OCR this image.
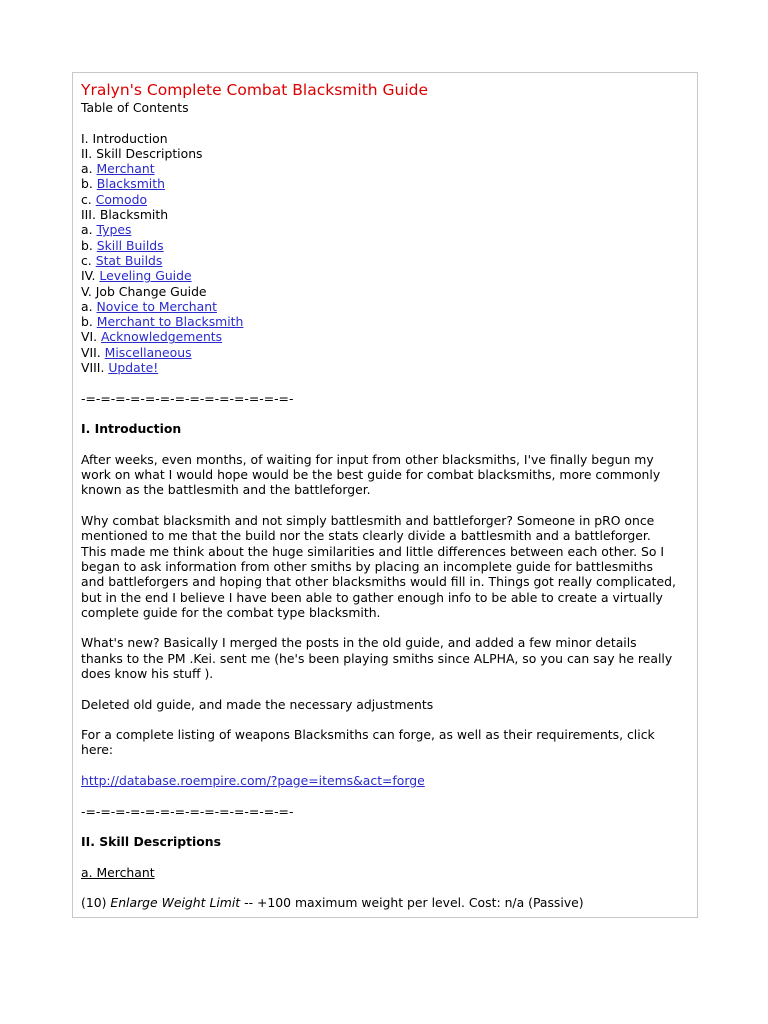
Yralyn's Complete Combat Blacksmith Guide
Table of Contents
I. Introduction
II. Skill Descriptions
a. Merchant
b. Blacksmith
c. Comodo
III. Blacksmith
a. Types
b. Skill Builds
c. Stat Builds
IV. Leveling Guide
V. Job Change Guide
a. Novice to Merchant
b. Merchant to Blacksmith
VI. Acknowledgements
VII. Miscellaneous
VIII. Update!
-=-=-=-=-=-=-=-=-=-=-=-=-=-=-
I. Introduction

After weeks, even months, of waiting for input from other blacksmiths, I've finally begun my
work on what I would hope would be the best guide for combat blacksmiths, more commonly
known as the battlesmith and the battleforger.

Why combat blacksmith and not simply battlesmith and battleforger? Someone in pRO once
mentioned to me that the build nor the stats clearly divide a battlesmith and a battleforger.
This made me think about the huge similarities and little differences between each other. So I
began to ask information from other smiths by placing an incomplete guide for battlesmiths
and battleforgers and hoping that other blacksmiths would fill in. Things got really complicated,
but in the end I believe I have been able to gather enough info to be able to create a virtually
complete guide for the combat type blacksmith.

What's new? Basically I merged the posts in the old guide, and added a few minor details
thanks to the PM .Kei. sent me (he's been playing smiths since ALPHA, so you can say he really
does know his stuff ).

Deleted old guide, and made the necessary adjustments

For a complete listing of weapons Blacksmiths can forge, as well as their requirements, click
here:

http://database.roempire.com/?page=items&act=forge
-=-=-=-=-=-=-=-=-=-=-=-=-=-=-
II. Skill Descriptions
a. Merchant
(10) Enlarge Weight Limit -- +100 maximum weight per level. Cost: n/a (Passive)
